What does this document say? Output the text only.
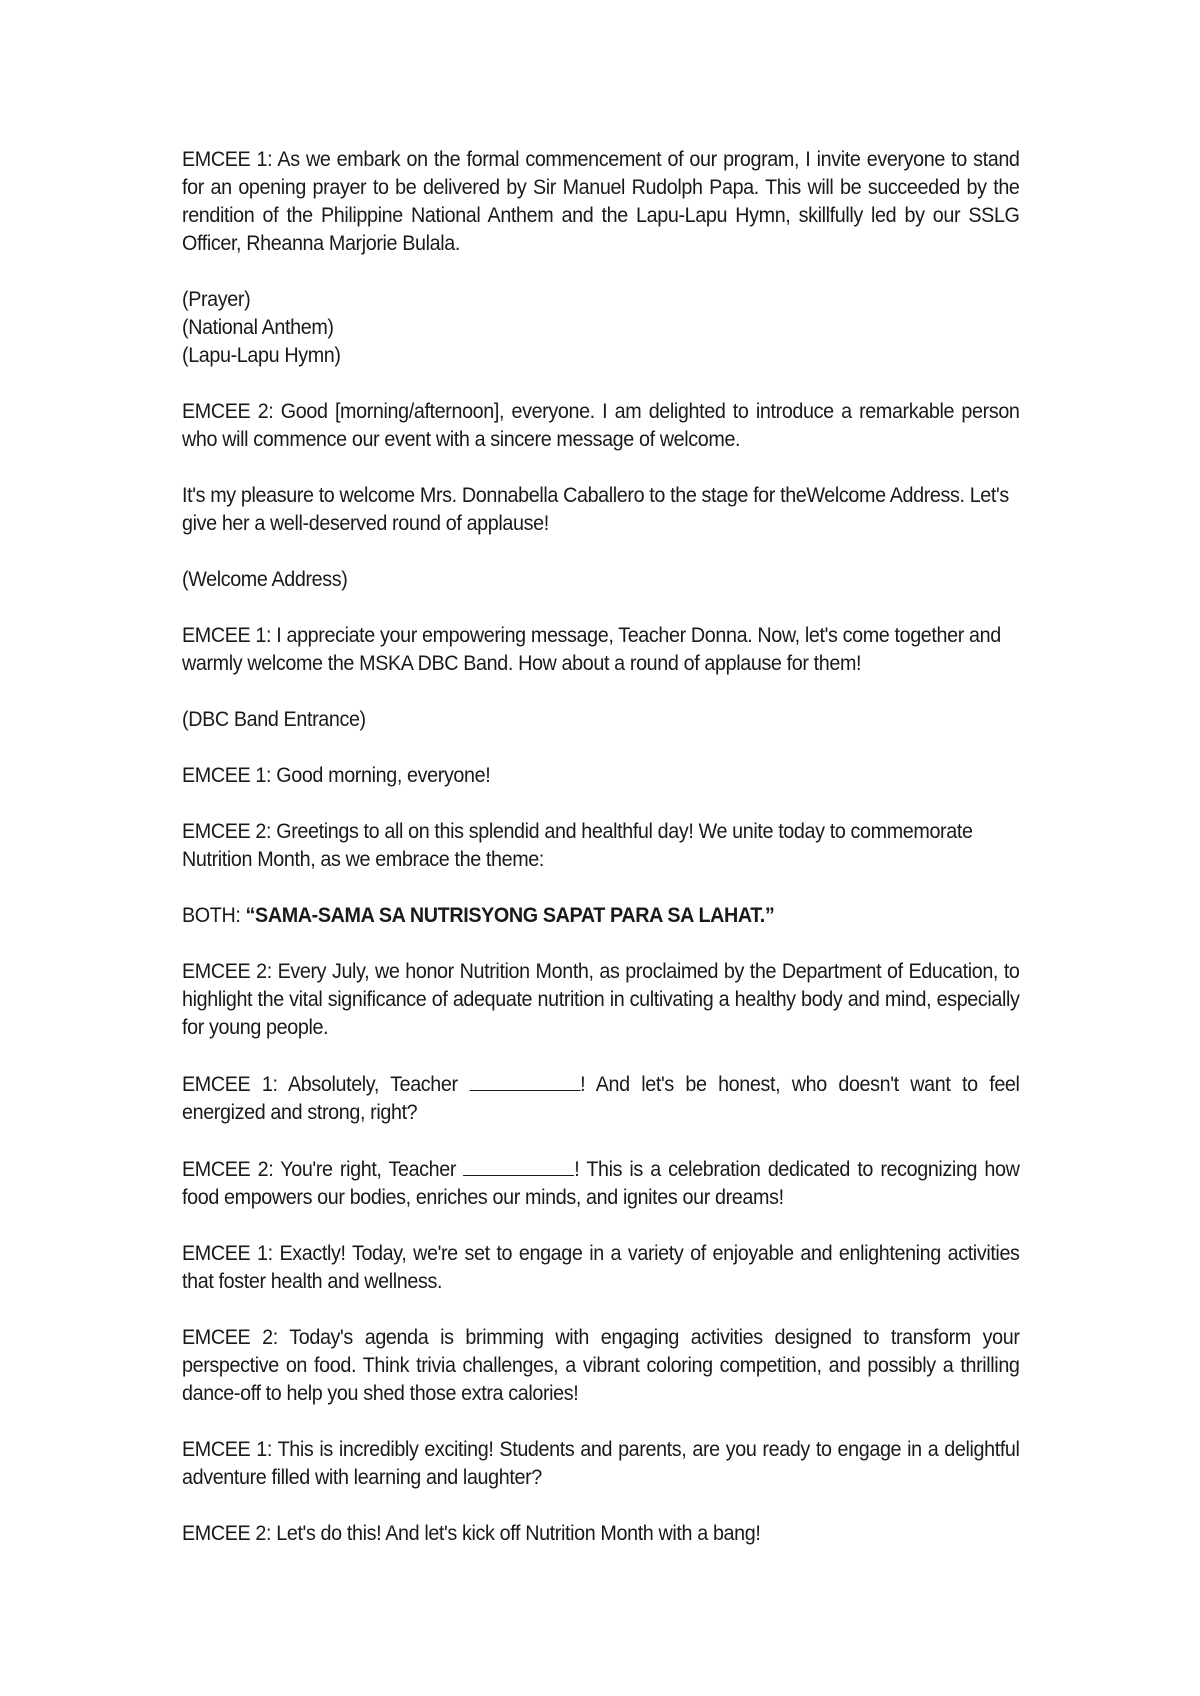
EMCEE 1: As we embark on the formal commencement of our program, I invite everyone to stand for an opening prayer to be delivered by Sir Manuel Rudolph Papa. This will be succeeded by the rendition of the Philippine National Anthem and the Lapu-Lapu Hymn, skillfully led by our SSLG Officer, Rheanna Marjorie Bulala.

(Prayer)
(National Anthem)
(Lapu-Lapu Hymn)

EMCEE 2: Good [morning/afternoon], everyone. I am delighted to introduce a remarkable person who will commence our event with a sincere message of welcome.

It's my pleasure to welcome Mrs. Donnabella Caballero to the stage for theWelcome Address. Let's give her a well-deserved round of applause!

(Welcome Address)

EMCEE 1: I appreciate your empowering message, Teacher Donna. Now, let's come together and warmly welcome the MSKA DBC Band. How about a round of applause for them!

(DBC Band Entrance)

EMCEE 1: Good morning, everyone!

EMCEE 2: Greetings to all on this splendid and healthful day! We unite today to commemorate Nutrition Month, as we embrace the theme:

BOTH: “SAMA-SAMA SA NUTRISYONG SAPAT PARA SA LAHAT.”

EMCEE 2: Every July, we honor Nutrition Month, as proclaimed by the Department of Education, to highlight the vital significance of adequate nutrition in cultivating a healthy body and mind, especially for young people.

EMCEE 1: Absolutely, Teacher	! And let's be honest, who doesn't want to feel energized and strong, right?

EMCEE 2: You're right, Teacher	! This is a celebration dedicated to recognizing how food empowers our bodies, enriches our minds, and ignites our dreams!

EMCEE 1: Exactly! Today, we're set to engage in a variety of enjoyable and enlightening activities that foster health and wellness.

EMCEE 2: Today's agenda is brimming with engaging activities designed to transform your perspective on food. Think trivia challenges, a vibrant coloring competition, and possibly a thrilling dance-off to help you shed those extra calories!

EMCEE 1: This is incredibly exciting! Students and parents, are you ready to engage in a delightful adventure filled with learning and laughter?

EMCEE 2: Let's do this! And let's kick off Nutrition Month with a bang!
